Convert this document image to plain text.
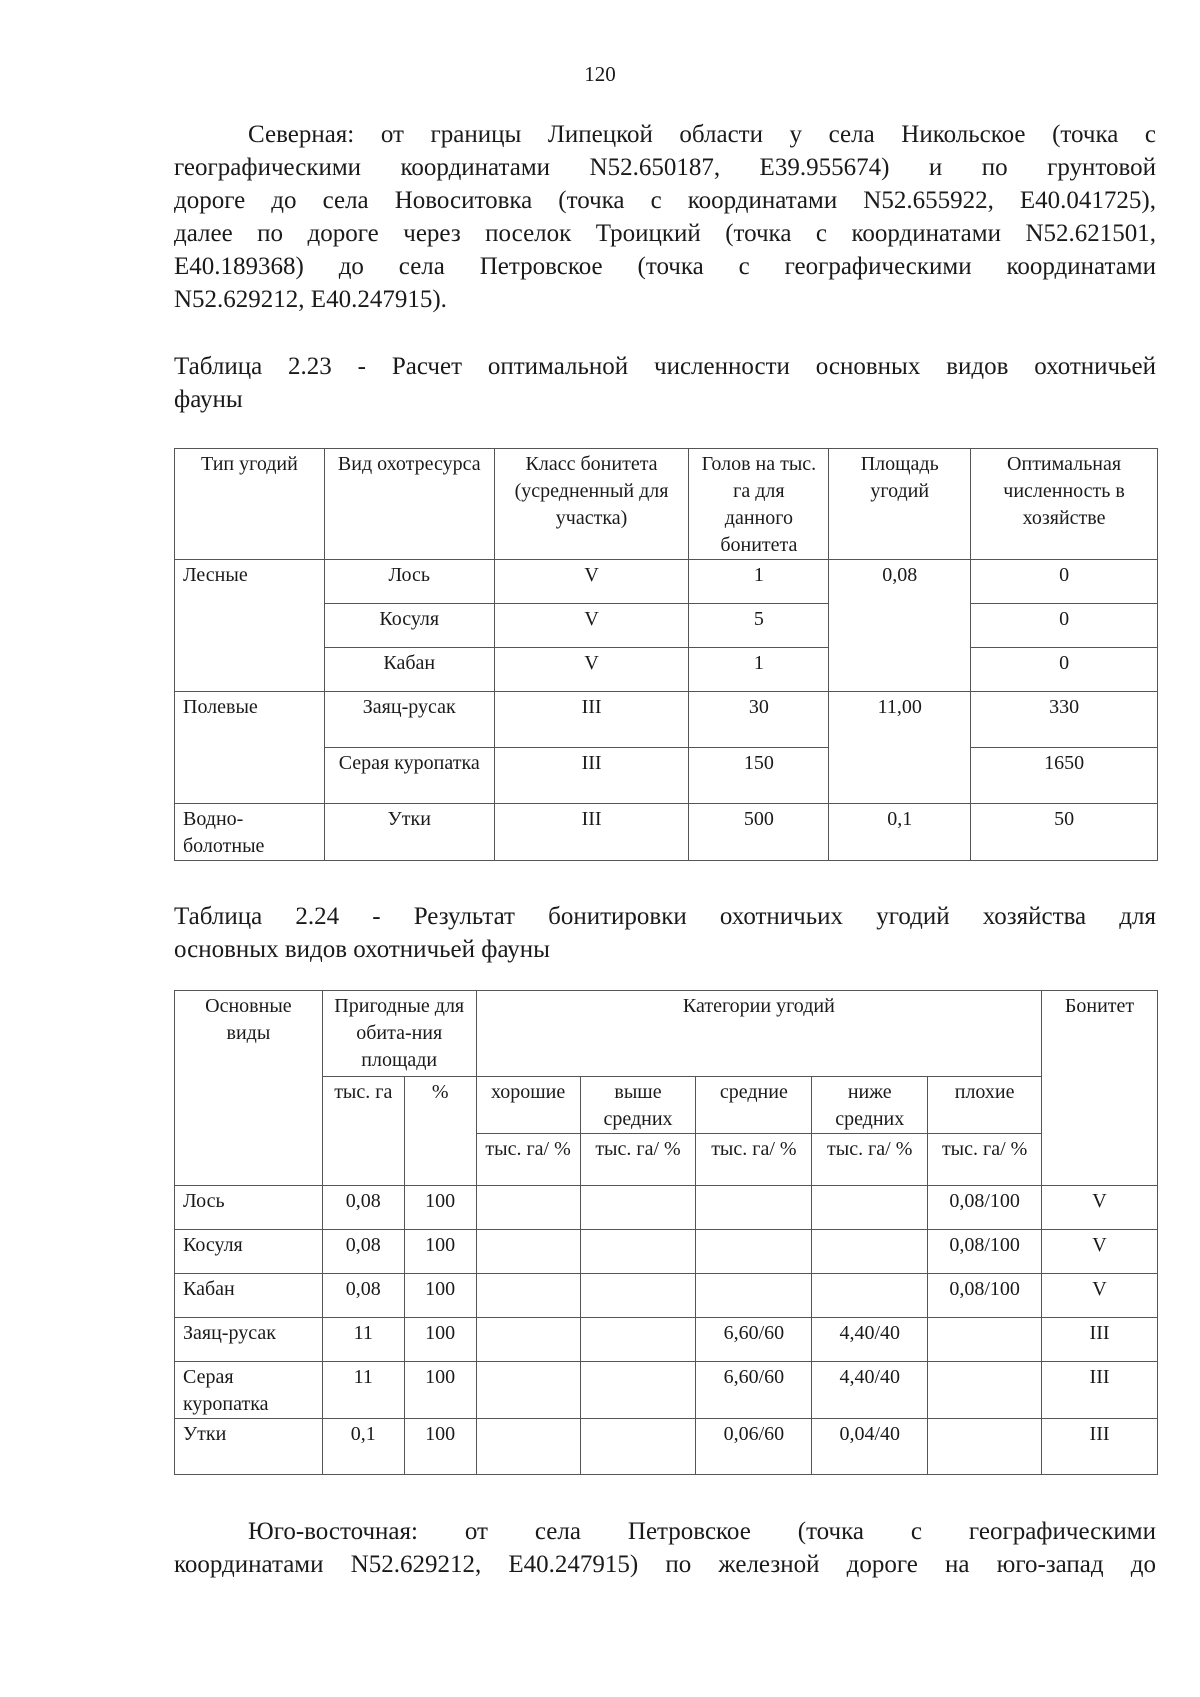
120
Северная: от границы Липецкой области у села Никольское (точка с
географическими координатами N52.650187, E39.955674) и по грунтовой
дороге до села Новоситовка (точка с координатами N52.655922, E40.041725),
далее по дороге через поселок Троицкий (точка с координатами N52.621501,
E40.189368) до села Петровское (точка с географическими координатами
N52.629212, E40.247915).
Таблица 2.23 - Расчет оптимальной численности основных видов охотничьей
фауны
Тип угодий	Вид охотресурса	Класс бонитета (усредненный для участка)	Голов на тыс. га для данного бонитета	Площадь угодий	Оптимальная численность в хозяйстве
Лесные	Лось	V	1	0,08	0
	Косуля	V	5		0
	Кабан	V	1		0
Полевые	Заяц-русак	III	30	11,00	330
	Серая куропатка	III	150		1650
Водно-болотные	Утки	III	500	0,1	50
Таблица 2.24 - Результат бонитировки охотничьих угодий хозяйства для
основных видов охотничьей фауны
Основные виды	Пригодные для обита-ния площади		Категории угодий					Бонитет
	тыс. га	%	хорошие	выше средних	средние	ниже средних	плохие	
			тыс. га/ %	тыс. га/ %	тыс. га/ %	тыс. га/ %	тыс. га/ %	
Лось	0,08	100					0,08/100	V
Косуля	0,08	100					0,08/100	V
Кабан	0,08	100					0,08/100	V
Заяц-русак	11	100			6,60/60	4,40/40		III
Серая куропатка	11	100			6,60/60	4,40/40		III
Утки	0,1	100			0,06/60	0,04/40		III
Юго-восточная: от села Петровское (точка с географическими
координатами N52.629212, E40.247915) по железной дороге на юго-запад до
